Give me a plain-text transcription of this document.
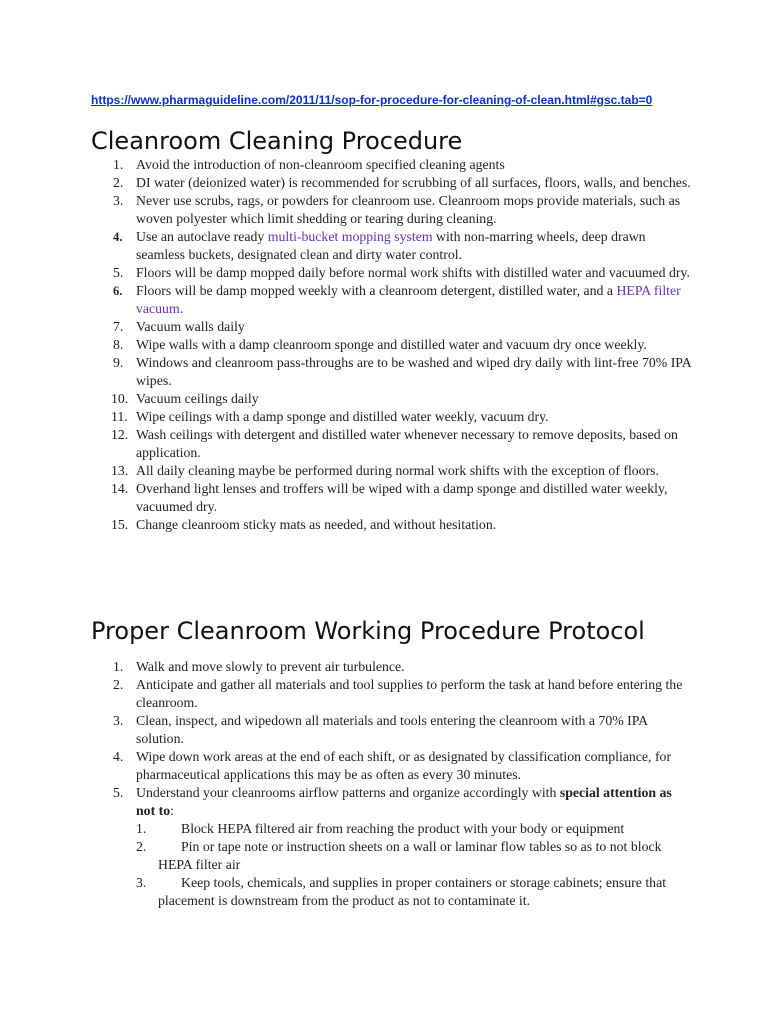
https://www.pharmaguideline.com/2011/11/sop-for-procedure-for-cleaning-of-clean.html#gsc.tab=0
Cleanroom Cleaning Procedure
1. Avoid the introduction of non-cleanroom specified cleaning agents
2. DI water (deionized water) is recommended for scrubbing of all surfaces, floors, walls, and benches.
3. Never use scrubs, rags, or powders for cleanroom use. Cleanroom mops provide materials, such as woven polyester which limit shedding or tearing during cleaning.
4. Use an autoclave ready multi-bucket mopping system with non-marring wheels, deep drawn seamless buckets, designated clean and dirty water control.
5. Floors will be damp mopped daily before normal work shifts with distilled water and vacuumed dry.
6. Floors will be damp mopped weekly with a cleanroom detergent, distilled water, and a HEPA filter vacuum.
7. Vacuum walls daily
8. Wipe walls with a damp cleanroom sponge and distilled water and vacuum dry once weekly.
9. Windows and cleanroom pass-throughs are to be washed and wiped dry daily with lint-free 70% IPA wipes.
10. Vacuum ceilings daily
11. Wipe ceilings with a damp sponge and distilled water weekly, vacuum dry.
12. Wash ceilings with detergent and distilled water whenever necessary to remove deposits, based on application.
13. All daily cleaning maybe be performed during normal work shifts with the exception of floors.
14. Overhand light lenses and troffers will be wiped with a damp sponge and distilled water weekly, vacuumed dry.
15. Change cleanroom sticky mats as needed, and without hesitation.
Proper Cleanroom Working Procedure Protocol
1. Walk and move slowly to prevent air turbulence.
2. Anticipate and gather all materials and tool supplies to perform the task at hand before entering the cleanroom.
3. Clean, inspect, and wipedown all materials and tools entering the cleanroom with a 70% IPA solution.
4. Wipe down work areas at the end of each shift, or as designated by classification compliance, for pharmaceutical applications this may be as often as every 30 minutes.
5. Understand your cleanrooms airflow patterns and organize accordingly with special attention as not to:
1.	Block HEPA filtered air from reaching the product with your body or equipment
2.	Pin or tape note or instruction sheets on a wall or laminar flow tables so as to not block HEPA filter air
3.	Keep tools, chemicals, and supplies in proper containers or storage cabinets; ensure that placement is downstream from the product as not to contaminate it.
